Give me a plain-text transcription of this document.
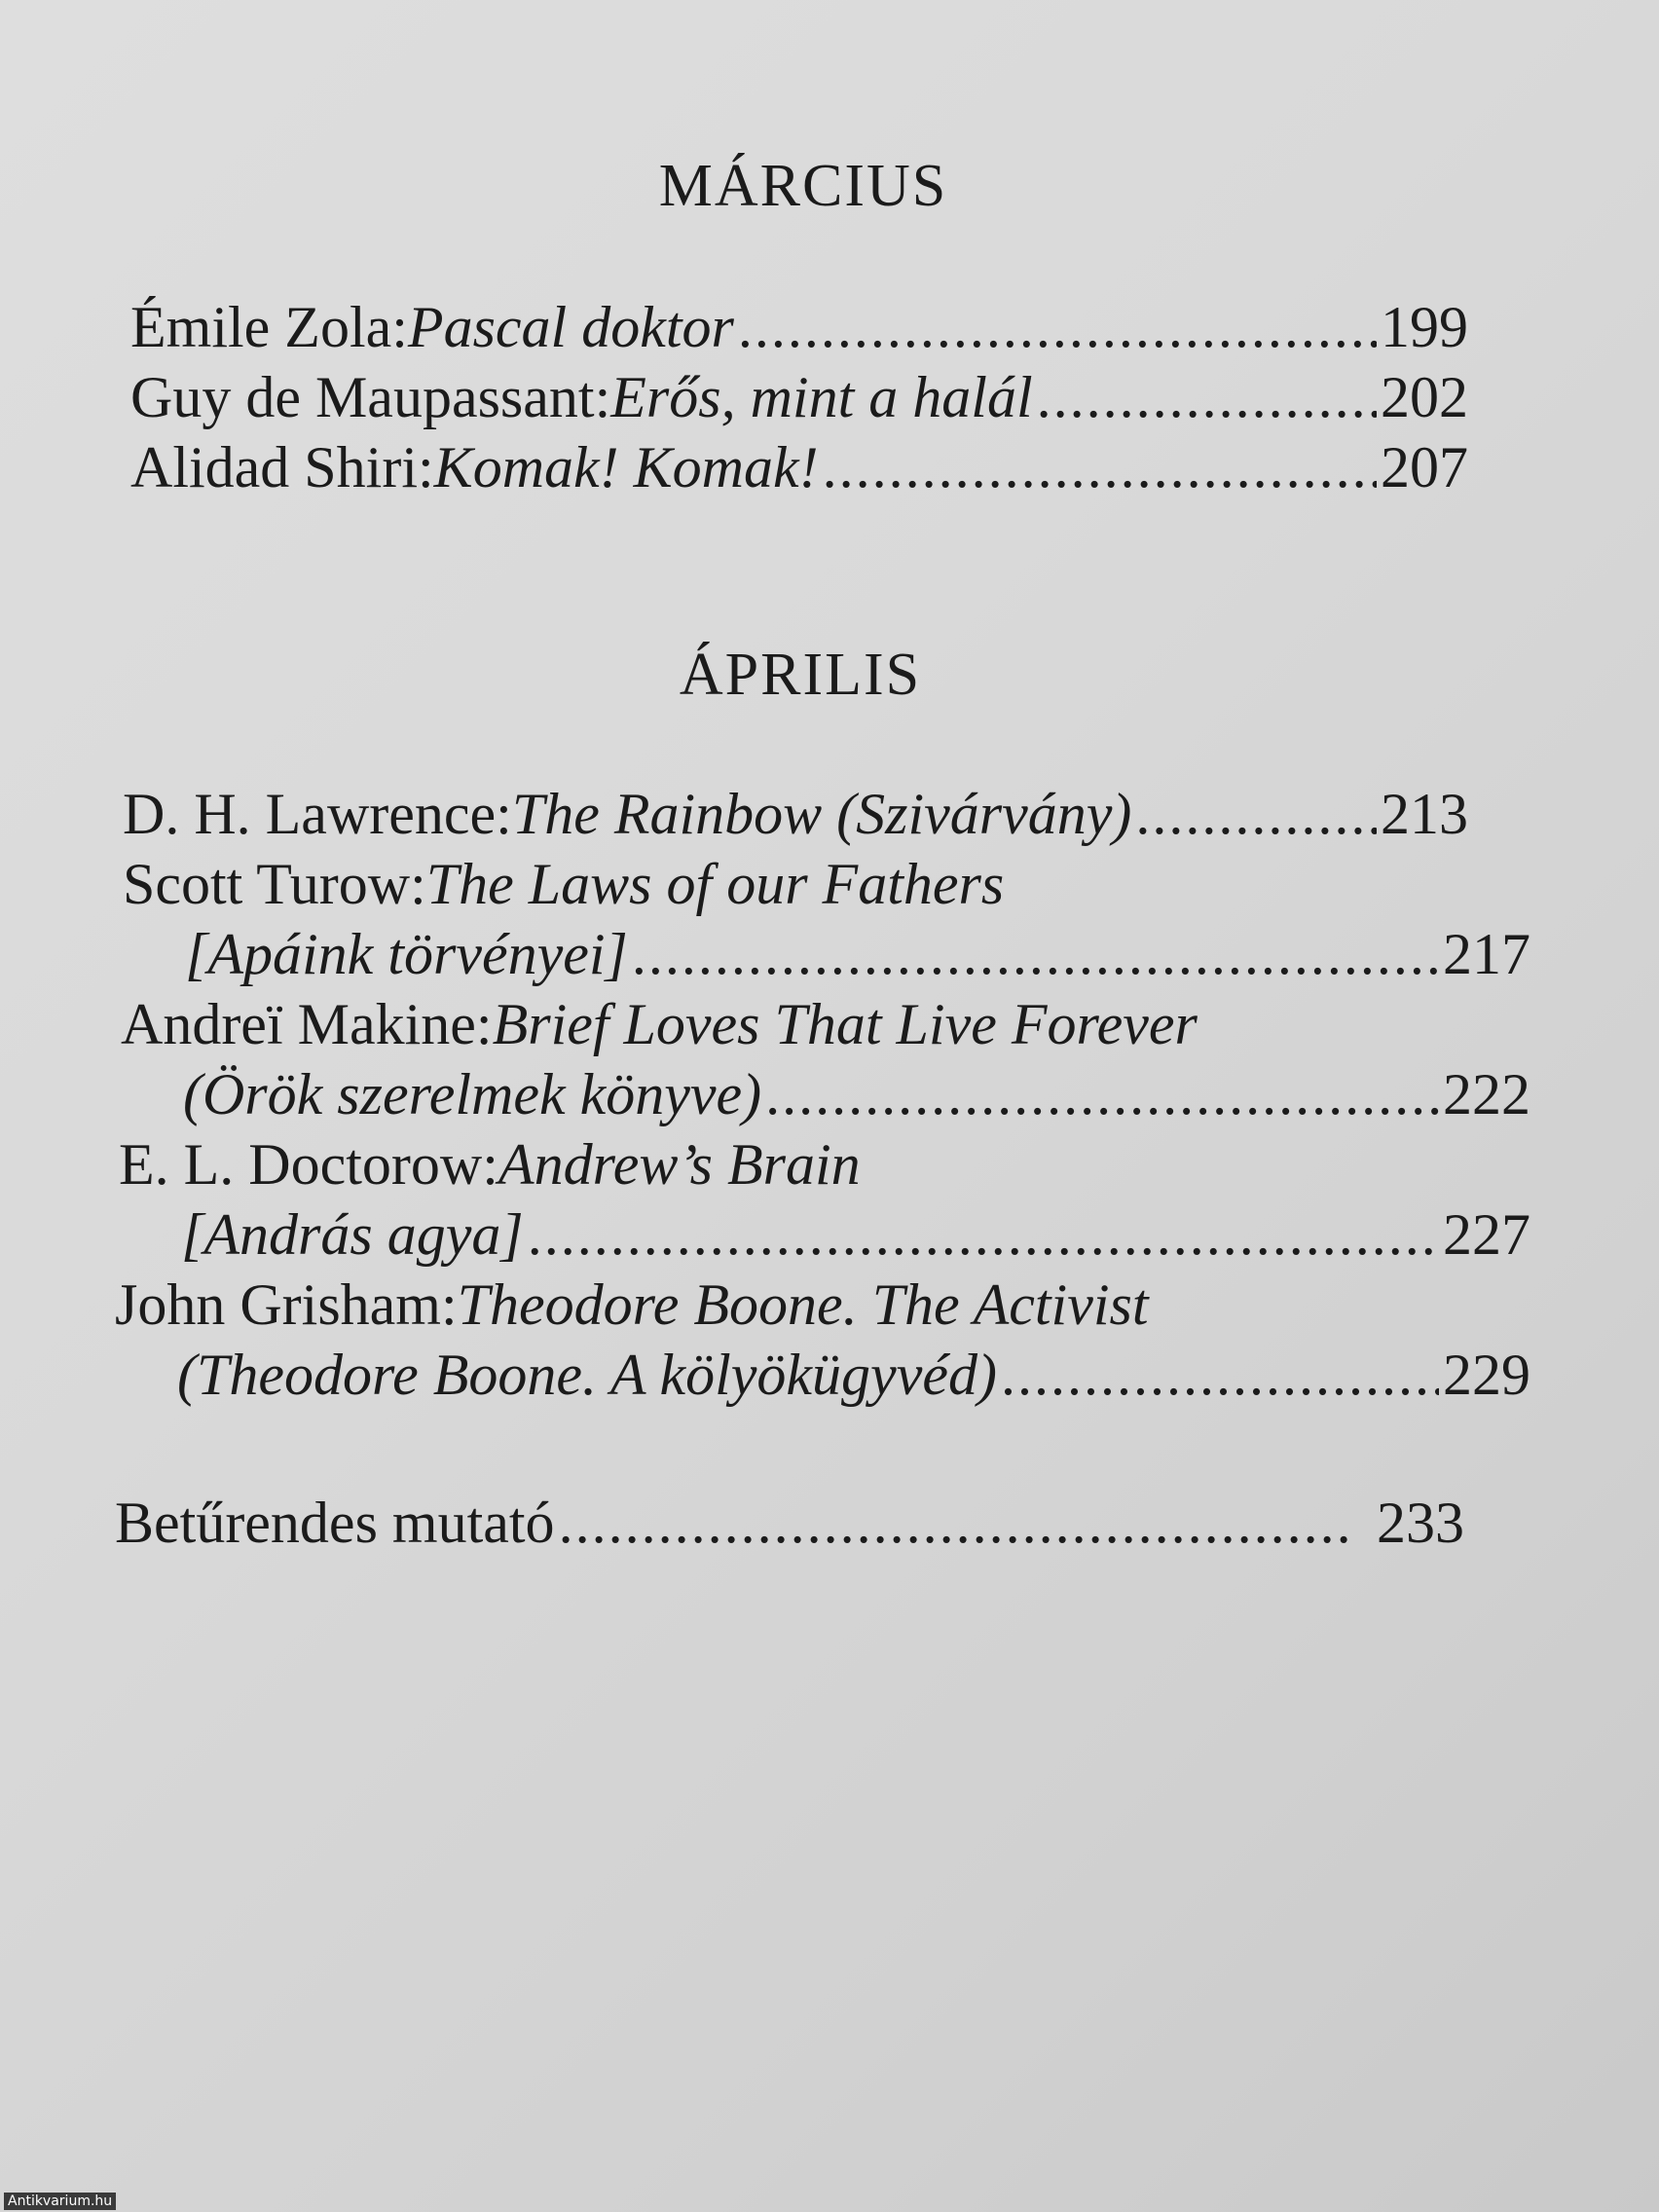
MÁRCIUS
Émile Zola: Pascal doktor .....	199
Guy de Maupassant: Erős, mint a halál .....	202
Alidad Shiri: Komak! Komak! .....	207
ÁPRILIS
D. H. Lawrence: The Rainbow (Szivárvány) .....	213
Scott Turow: The Laws of our Fathers
[Apáink törvényei] .....	217
Andreï Makine: Brief Loves That Live Forever
(Örök szerelmek könyve) .....	222
E. L. Doctorow: Andrew’s Brain
[András agya] .....	227
John Grisham: Theodore Boone. The Activist
(Theodore Boone. A kölyökügyvéd) .....	229
Betűrendes mutató .....	233
Antikvarium.hu
